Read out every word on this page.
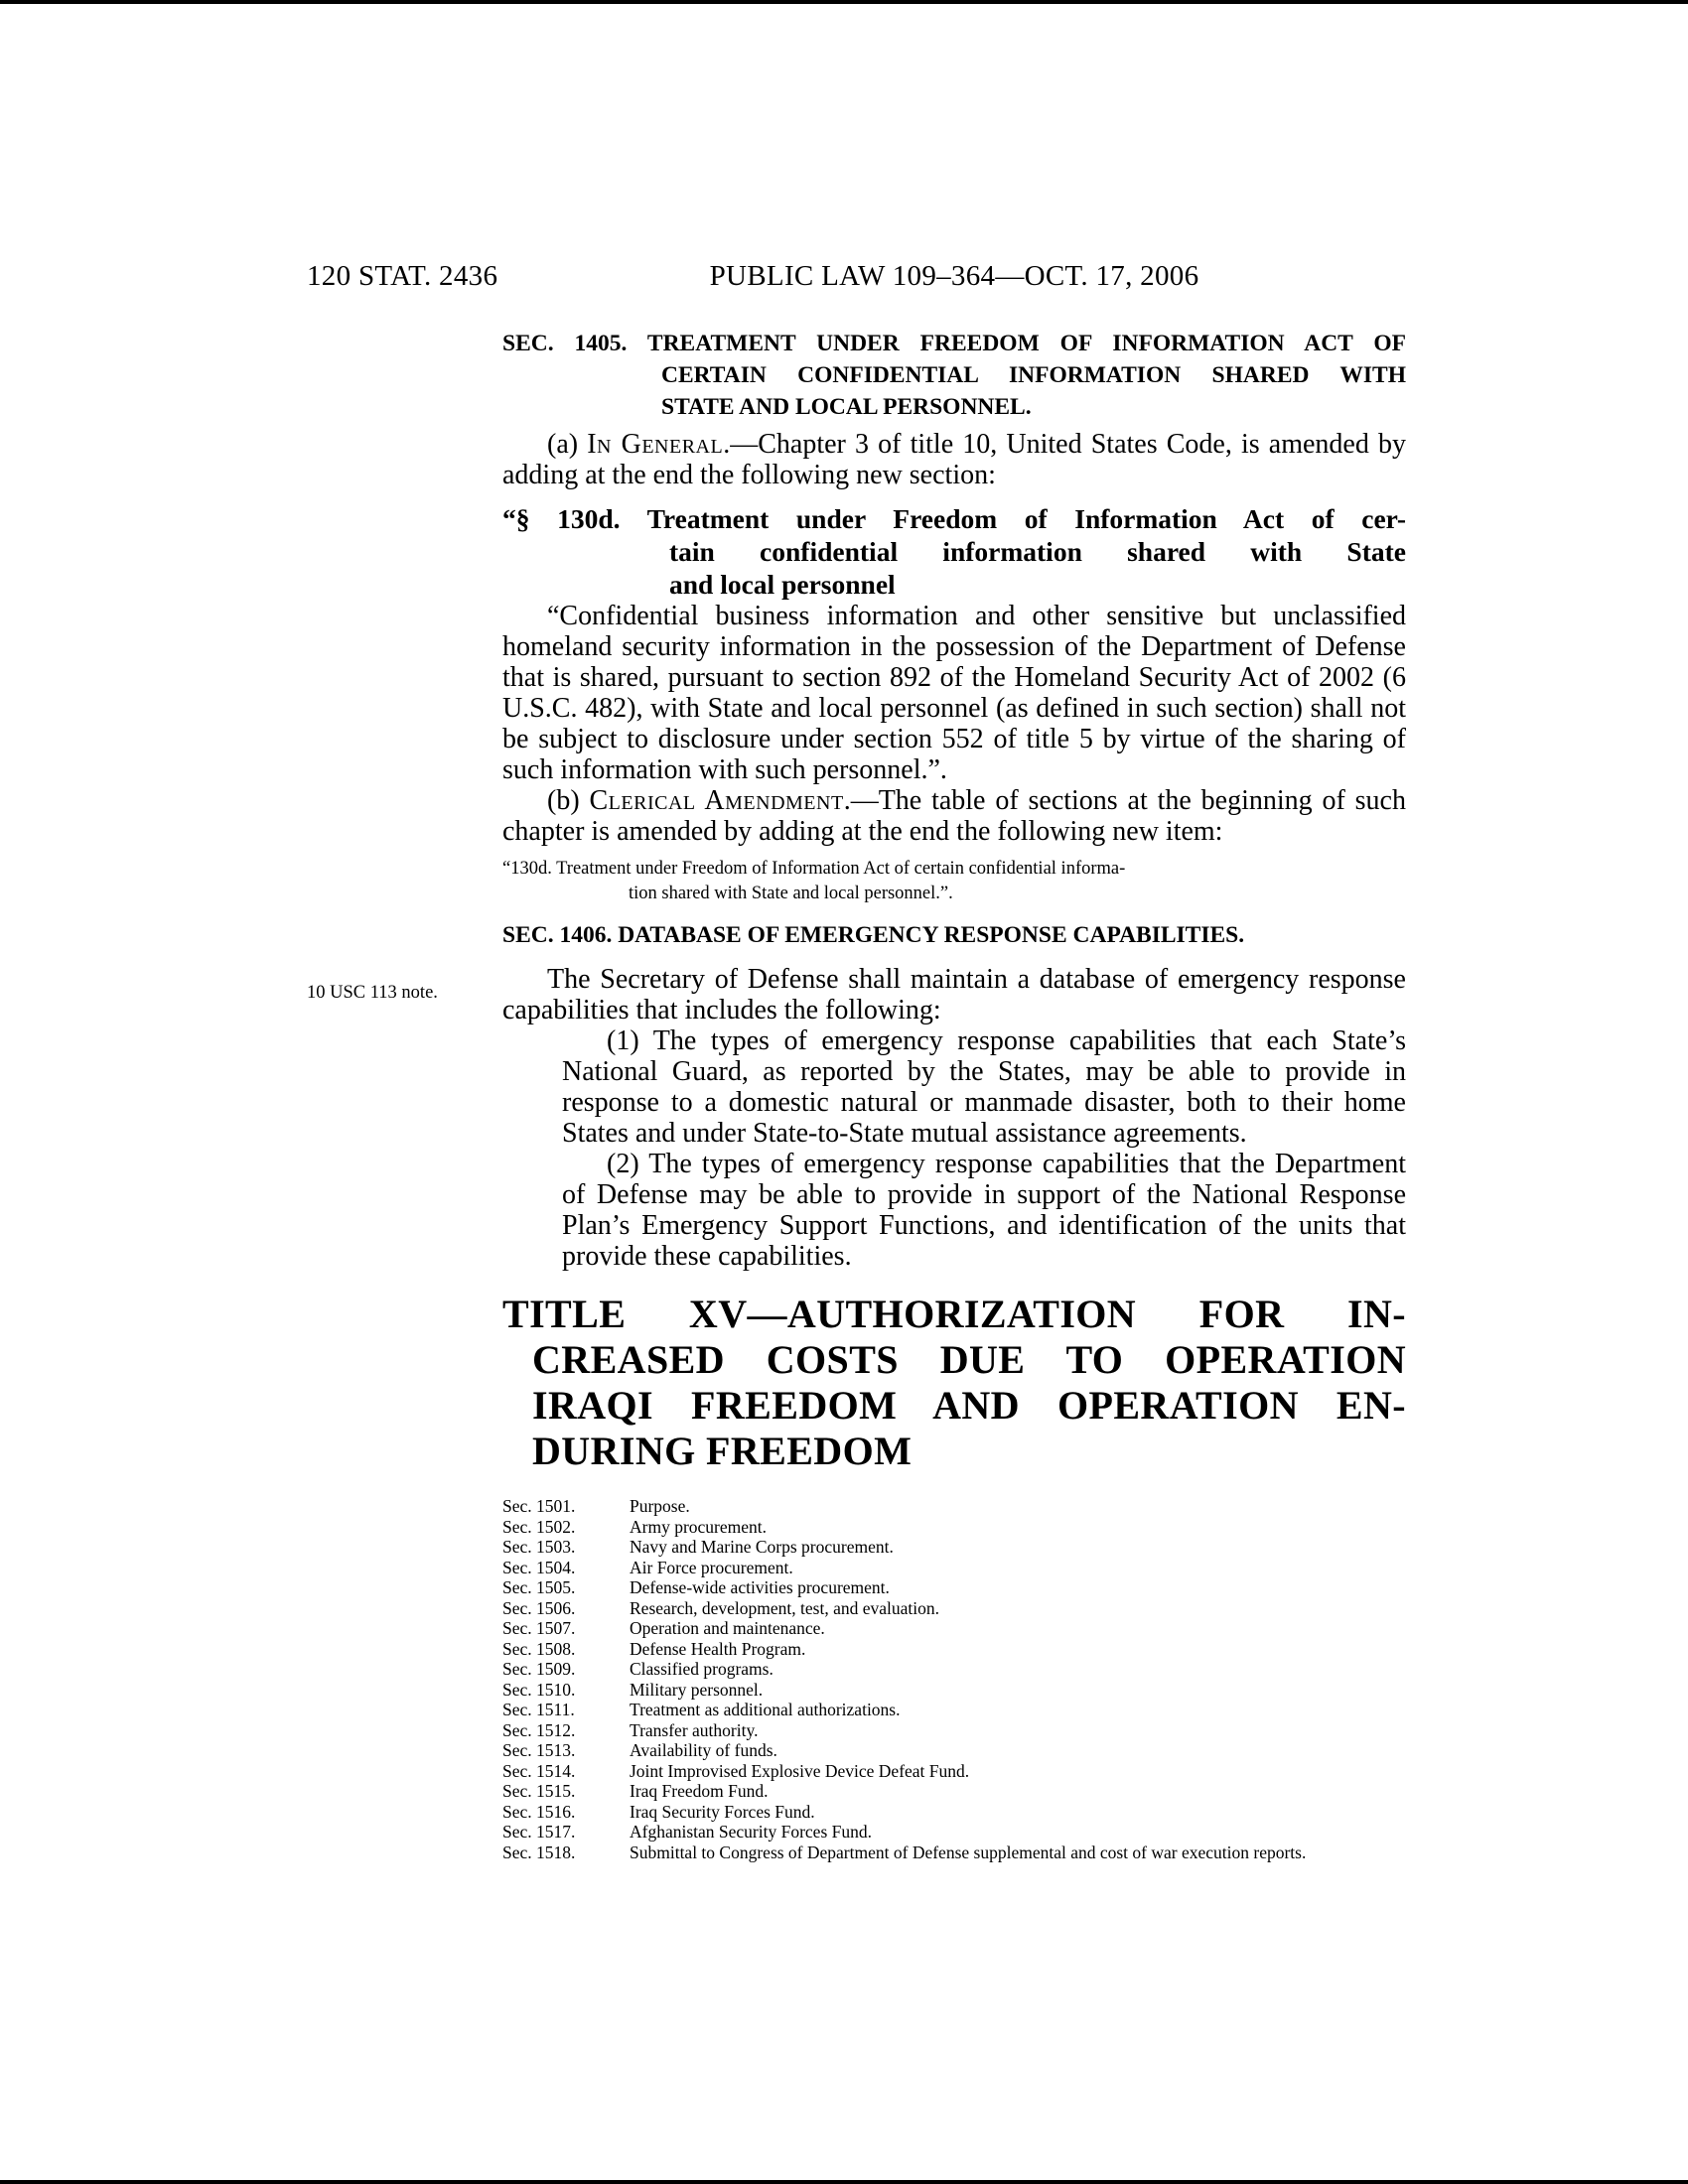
120 STAT. 2436	PUBLIC LAW 109–364—OCT. 17, 2006
10 USC 113 note.
SEC. 1405. TREATMENT UNDER FREEDOM OF INFORMATION ACT OF
CERTAIN CONFIDENTIAL INFORMATION SHARED WITH
STATE AND LOCAL PERSONNEL.
(a) In General.—Chapter 3 of title 10, United States Code, is amended by adding at the end the following new section:
“§ 130d. Treatment under Freedom of Information Act of cer-
tain confidential information shared with State
and local personnel
“Confidential business information and other sensitive but unclassified homeland security information in the possession of the Department of Defense that is shared, pursuant to section 892 of the Homeland Security Act of 2002 (6 U.S.C. 482), with State and local personnel (as defined in such section) shall not be subject to disclosure under section 552 of title 5 by virtue of the sharing of such information with such personnel.”.
(b) Clerical Amendment.—The table of sections at the beginning of such chapter is amended by adding at the end the following new item:
“130d. Treatment under Freedom of Information Act of certain confidential informa-
tion shared with State and local personnel.”.
SEC. 1406. DATABASE OF EMERGENCY RESPONSE CAPABILITIES.
The Secretary of Defense shall maintain a database of emergency response capabilities that includes the following:
(1) The types of emergency response capabilities that each State’s National Guard, as reported by the States, may be able to provide in response to a domestic natural or manmade disaster, both to their home States and under State-to-State mutual assistance agreements.
(2) The types of emergency response capabilities that the Department of Defense may be able to provide in support of the National Response Plan’s Emergency Support Functions, and identification of the units that provide these capabilities.
TITLE XV—AUTHORIZATION FOR IN-
CREASED COSTS DUE TO OPERATION
IRAQI FREEDOM AND OPERATION EN-
DURING FREEDOM
Sec. 1501.	Purpose.
Sec. 1502.	Army procurement.
Sec. 1503.	Navy and Marine Corps procurement.
Sec. 1504.	Air Force procurement.
Sec. 1505.	Defense-wide activities procurement.
Sec. 1506.	Research, development, test, and evaluation.
Sec. 1507.	Operation and maintenance.
Sec. 1508.	Defense Health Program.
Sec. 1509.	Classified programs.
Sec. 1510.	Military personnel.
Sec. 1511.	Treatment as additional authorizations.
Sec. 1512.	Transfer authority.
Sec. 1513.	Availability of funds.
Sec. 1514.	Joint Improvised Explosive Device Defeat Fund.
Sec. 1515.	Iraq Freedom Fund.
Sec. 1516.	Iraq Security Forces Fund.
Sec. 1517.	Afghanistan Security Forces Fund.
Sec. 1518.	Submittal to Congress of Department of Defense supplemental and cost of war execution reports.
